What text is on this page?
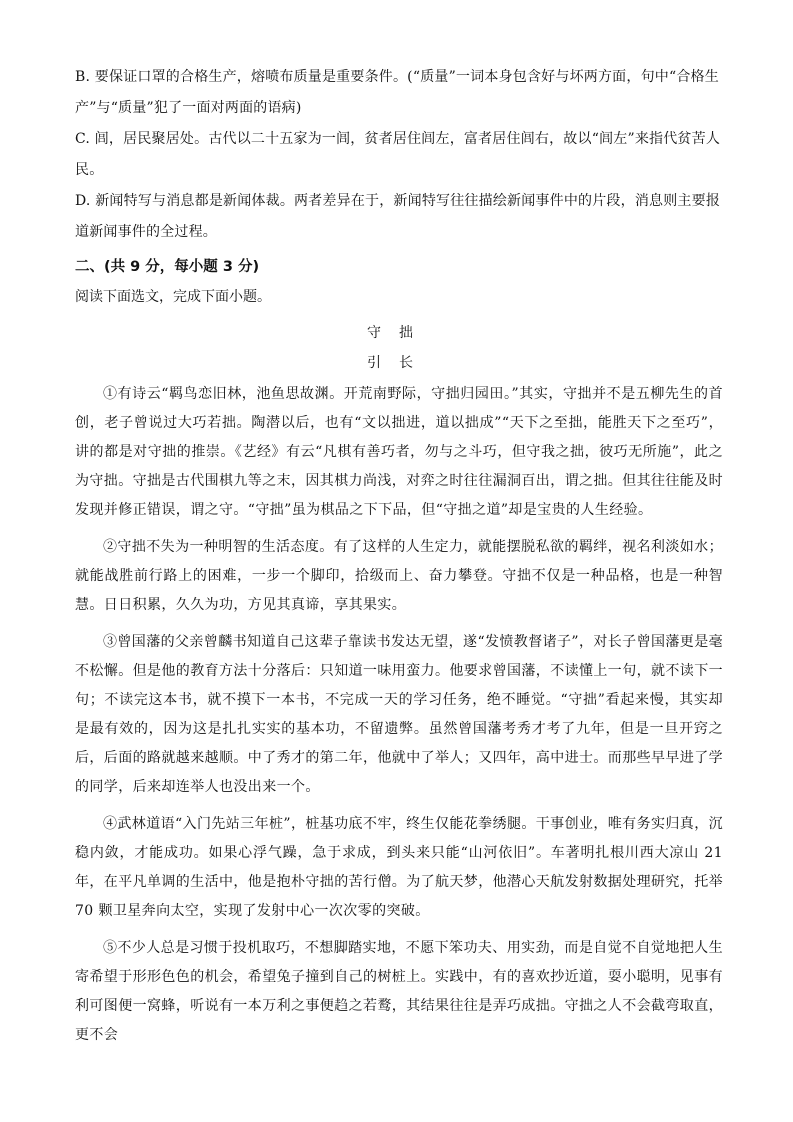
B. 要保证口罩的合格生产，熔喷布质量是重要条件。(“质量”一词本身包含好与坏两方面，句中“合格生产”与“质量”犯了一面对两面的语病)

C. 闾，居民聚居处。古代以二十五家为一闾，贫者居住闾左，富者居住闾右，故以“闾左”来指代贫苦人民。

D. 新闻特写与消息都是新闻体裁。两者差异在于，新闻特写往往描绘新闻事件中的片段，消息则主要报道新闻事件的全过程。

二、(共 9 分，每小题 3 分)

阅读下面选文，完成下面小题。

守拙

引长

①有诗云“羁鸟恋旧林，池鱼思故渊。开荒南野际，守拙归园田。”其实，守拙并不是五柳先生的首创，老子曾说过大巧若拙。陶潜以后，也有“文以拙进，道以拙成”“天下之至拙，能胜天下之至巧”，讲的都是对守拙的推崇。《艺经》有云“凡棋有善巧者，勿与之斗巧，但守我之拙，彼巧无所施”，此之为守拙。守拙是古代围棋九等之末，因其棋力尚浅，对弈之时往往漏洞百出，谓之拙。但其往往能及时发现并修正错误，谓之守。“守拙”虽为棋品之下下品，但“守拙之道”却是宝贵的人生经验。

②守拙不失为一种明智的生活态度。有了这样的人生定力，就能摆脱私欲的羁绊，视名利淡如水；就能战胜前行路上的困难，一步一个脚印，拾级而上、奋力攀登。守拙不仅是一种品格，也是一种智慧。日日积累，久久为功，方见其真谛，享其果实。

③曾国藩的父亲曾麟书知道自己这辈子靠读书发达无望，遂“发愤教督诸子”，对长子曾国藩更是毫不松懈。但是他的教育方法十分落后：只知道一味用蛮力。他要求曾国藩，不读懂上一句，就不读下一句；不读完这本书，就不摸下一本书，不完成一天的学习任务，绝不睡觉。“守拙”看起来慢，其实却是最有效的，因为这是扎扎实实的基本功，不留遗弊。虽然曾国藩考秀才考了九年，但是一旦开窍之后，后面的路就越来越顺。中了秀才的第二年，他就中了举人；又四年，高中进士。而那些早早进了学的同学，后来却连举人也没出来一个。

④武林道语“入门先站三年桩”，桩基功底不牢，终生仅能花拳绣腿。干事创业，唯有务实归真，沉稳内敛，才能成功。如果心浮气躁，急于求成，到头来只能“山河依旧”。车著明扎根川西大凉山 21 年，在平凡单调的生活中，他是抱朴守拙的苦行僧。为了航天梦，他潜心天航发射数据处理研究，托举 70 颗卫星奔向太空，实现了发射中心一次次零的突破。

⑤不少人总是习惯于投机取巧，不想脚踏实地，不愿下笨功夫、用实劲，而是自觉不自觉地把人生寄希望于形形色色的机会，希望兔子撞到自己的树桩上。实践中，有的喜欢抄近道，耍小聪明，见事有利可图便一窝蜂，听说有一本万利之事便趋之若鹜，其结果往往是弄巧成拙。守拙之人不会截弯取直，更不会
